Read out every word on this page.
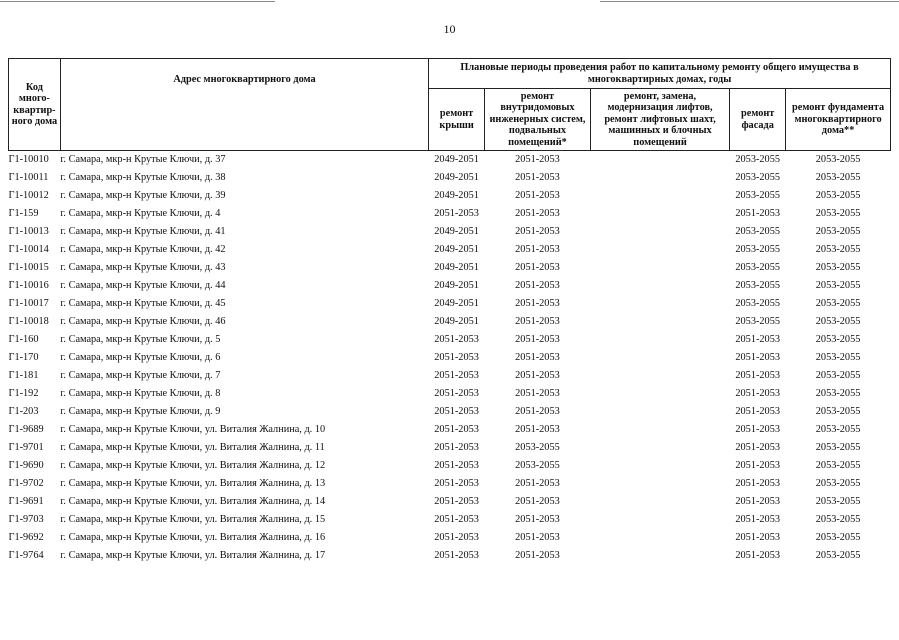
10
Код много-квартир-ного дома	Адрес многоквартирного дома	Плановые периоды проведения работ по капитальному ремонту общего имущества в многоквартирных домах, годы				
		ремонт крыши	ремонт внутридомовых инженерных систем, подвальных помещений*	ремонт, замена, модернизация лифтов, ремонт лифтовых шахт, машинных и блочных помещений	ремонт фасада	ремонт фундамента многоквартирного дома**
Г1-10010	г. Самара, мкр-н Крутые Ключи, д. 37	2049-2051	2051-2053		2053-2055	2053-2055
Г1-10011	г. Самара, мкр-н Крутые Ключи, д. 38	2049-2051	2051-2053		2053-2055	2053-2055
Г1-10012	г. Самара, мкр-н Крутые Ключи, д. 39	2049-2051	2051-2053		2053-2055	2053-2055
Г1-159	г. Самара, мкр-н Крутые Ключи, д. 4	2051-2053	2051-2053		2051-2053	2053-2055
Г1-10013	г. Самара, мкр-н Крутые Ключи, д. 41	2049-2051	2051-2053		2053-2055	2053-2055
Г1-10014	г. Самара, мкр-н Крутые Ключи, д. 42	2049-2051	2051-2053		2053-2055	2053-2055
Г1-10015	г. Самара, мкр-н Крутые Ключи, д. 43	2049-2051	2051-2053		2053-2055	2053-2055
Г1-10016	г. Самара, мкр-н Крутые Ключи, д. 44	2049-2051	2051-2053		2053-2055	2053-2055
Г1-10017	г. Самара, мкр-н Крутые Ключи, д. 45	2049-2051	2051-2053		2053-2055	2053-2055
Г1-10018	г. Самара, мкр-н Крутые Ключи, д. 46	2049-2051	2051-2053		2053-2055	2053-2055
Г1-160	г. Самара, мкр-н Крутые Ключи, д. 5	2051-2053	2051-2053		2051-2053	2053-2055
Г1-170	г. Самара, мкр-н Крутые Ключи, д. 6	2051-2053	2051-2053		2051-2053	2053-2055
Г1-181	г. Самара, мкр-н Крутые Ключи, д. 7	2051-2053	2051-2053		2051-2053	2053-2055
Г1-192	г. Самара, мкр-н Крутые Ключи, д. 8	2051-2053	2051-2053		2051-2053	2053-2055
Г1-203	г. Самара, мкр-н Крутые Ключи, д. 9	2051-2053	2051-2053		2051-2053	2053-2055
Г1-9689	г. Самара, мкр-н Крутые Ключи, ул. Виталия Жалнина, д. 10	2051-2053	2051-2053		2051-2053	2053-2055
Г1-9701	г. Самара, мкр-н Крутые Ключи, ул. Виталия Жалнина, д. 11	2051-2053	2053-2055		2051-2053	2053-2055
Г1-9690	г. Самара, мкр-н Крутые Ключи, ул. Виталия Жалнина, д. 12	2051-2053	2053-2055		2051-2053	2053-2055
Г1-9702	г. Самара, мкр-н Крутые Ключи, ул. Виталия Жалнина, д. 13	2051-2053	2051-2053		2051-2053	2053-2055
Г1-9691	г. Самара, мкр-н Крутые Ключи, ул. Виталия Жалнина, д. 14	2051-2053	2051-2053		2051-2053	2053-2055
Г1-9703	г. Самара, мкр-н Крутые Ключи, ул. Виталия Жалнина, д. 15	2051-2053	2051-2053		2051-2053	2053-2055
Г1-9692	г. Самара, мкр-н Крутые Ключи, ул. Виталия Жалнина, д. 16	2051-2053	2051-2053		2051-2053	2053-2055
Г1-9764	г. Самара, мкр-н Крутые Ключи, ул. Виталия Жалнина, д. 17	2051-2053	2051-2053		2051-2053	2053-2055
